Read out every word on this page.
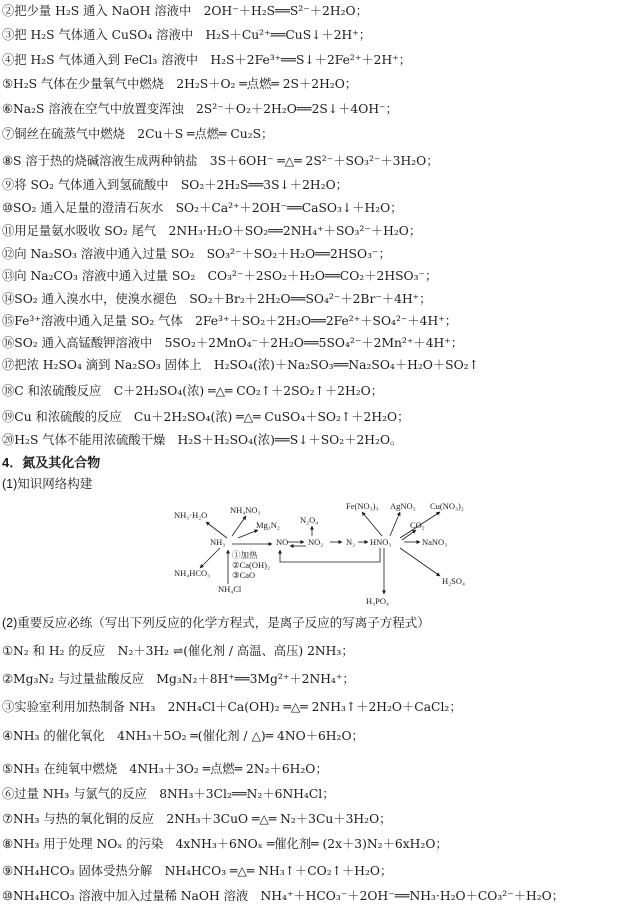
②把少量 H₂S 通入 NaOH 溶液中　2OH⁻＋H₂S══S²⁻＋2H₂O；
③把 H₂S 气体通入 CuSO₄ 溶液中　H₂S＋Cu²⁺══CuS↓＋2H⁺；
④把 H₂S 气体通入到 FeCl₃ 溶液中　H₂S＋2Fe³⁺══S↓＋2Fe²⁺＋2H⁺；
⑤H₂S 气体在少量氧气中燃烧　2H₂S＋O₂ ═点燃═ 2S＋2H₂O；
⑥Na₂S 溶液在空气中放置变浑浊　2S²⁻＋O₂＋2H₂O══2S↓＋4OH⁻；
⑦铜丝在硫蒸气中燃烧　2Cu＋S ═点燃═ Cu₂S；
⑧S 溶于热的烧碱溶液生成两种钠盐　3S＋6OH⁻ ═△═ 2S²⁻＋SO₃²⁻＋3H₂O；
⑨将 SO₂ 气体通入到氢硫酸中　SO₂＋2H₂S══3S↓＋2H₂O；
⑩SO₂ 通入足量的澄清石灰水　SO₂＋Ca²⁺＋2OH⁻══CaSO₃↓＋H₂O；
⑪用足量氨水吸收 SO₂ 尾气　2NH₃·H₂O＋SO₂══2NH₄⁺＋SO₃²⁻＋H₂O；
⑫向 Na₂SO₃ 溶液中通入过量 SO₂　SO₃²⁻＋SO₂＋H₂O══2HSO₃⁻；
⑬向 Na₂CO₃ 溶液中通入过量 SO₂　CO₃²⁻＋2SO₂＋H₂O══CO₂＋2HSO₃⁻；
⑭SO₂ 通入溴水中，使溴水褪色　SO₂＋Br₂＋2H₂O══SO₄²⁻＋2Br⁻＋4H⁺；
⑮Fe³⁺溶液中通入足量 SO₂ 气体　2Fe³⁺＋SO₂＋2H₂O══2Fe²⁺＋SO₄²⁻＋4H⁺；
⑯SO₂ 通入高锰酸钾溶液中　5SO₂＋2MnO₄⁻＋2H₂O══5SO₄²⁻＋2Mn²⁺＋4H⁺；
⑰把浓 H₂SO₄ 滴到 Na₂SO₃ 固体上　H₂SO₄(浓)＋Na₂SO₃══Na₂SO₄＋H₂O＋SO₂↑
⑱C 和浓硫酸反应　C＋2H₂SO₄(浓) ═△═ CO₂↑＋2SO₂↑＋2H₂O；
⑲Cu 和浓硫酸的反应　Cu＋2H₂SO₄(浓) ═△═ CuSO₄＋SO₂↑＋2H₂O；
⑳H₂S 气体不能用浓硫酸干燥　H₂S＋H₂SO₄(浓)══S↓＋SO₂＋2H₂O。
4．氮及其化合物
(1)知识网络构建
NH₃·H₂O	NH₄NO₃
Mg₃N₂ N₂O₄
Fe(NO₃)₃ AgNO₃ Cu(NO₃)₂
CO₂
NH₃	NO NO₂	N₂ HNO₃	NaNO₃
NH₄HCO₃
①加热
②Ca(OH)₂
③CaO
NH₄Cl
H₂SO₄
H₃PO₄
(2)重要反应必练（写出下列反应的化学方程式，是离子反应的写离子方程式）
①N₂ 和 H₂ 的反应　N₂＋3H₂ ⇌(催化剂 / 高温、高压) 2NH₃；
②Mg₃N₂ 与过量盐酸反应　Mg₃N₂＋8H⁺══3Mg²⁺＋2NH₄⁺；
③实验室利用加热制备 NH₃　2NH₄Cl＋Ca(OH)₂ ═△═ 2NH₃↑＋2H₂O＋CaCl₂；
④NH₃ 的催化氧化　4NH₃＋5O₂ ═(催化剂 / △)═ 4NO＋6H₂O；
⑤NH₃ 在纯氧中燃烧　4NH₃＋3O₂ ═点燃═ 2N₂＋6H₂O；
⑥过量 NH₃ 与氯气的反应　8NH₃＋3Cl₂══N₂＋6NH₄Cl；
⑦NH₃ 与热的氧化铜的反应　2NH₃＋3CuO ═△═ N₂＋3Cu＋3H₂O；
⑧NH₃ 用于处理 NOₓ 的污染　4xNH₃＋6NOₓ ═催化剂═ (2x＋3)N₂＋6xH₂O；
⑨NH₄HCO₃ 固体受热分解　NH₄HCO₃ ═△═ NH₃↑＋CO₂↑＋H₂O；
⑩NH₄HCO₃ 溶液中加入过量稀 NaOH 溶液　NH₄⁺＋HCO₃⁻＋2OH⁻══NH₃·H₂O＋CO₃²⁻＋H₂O；
